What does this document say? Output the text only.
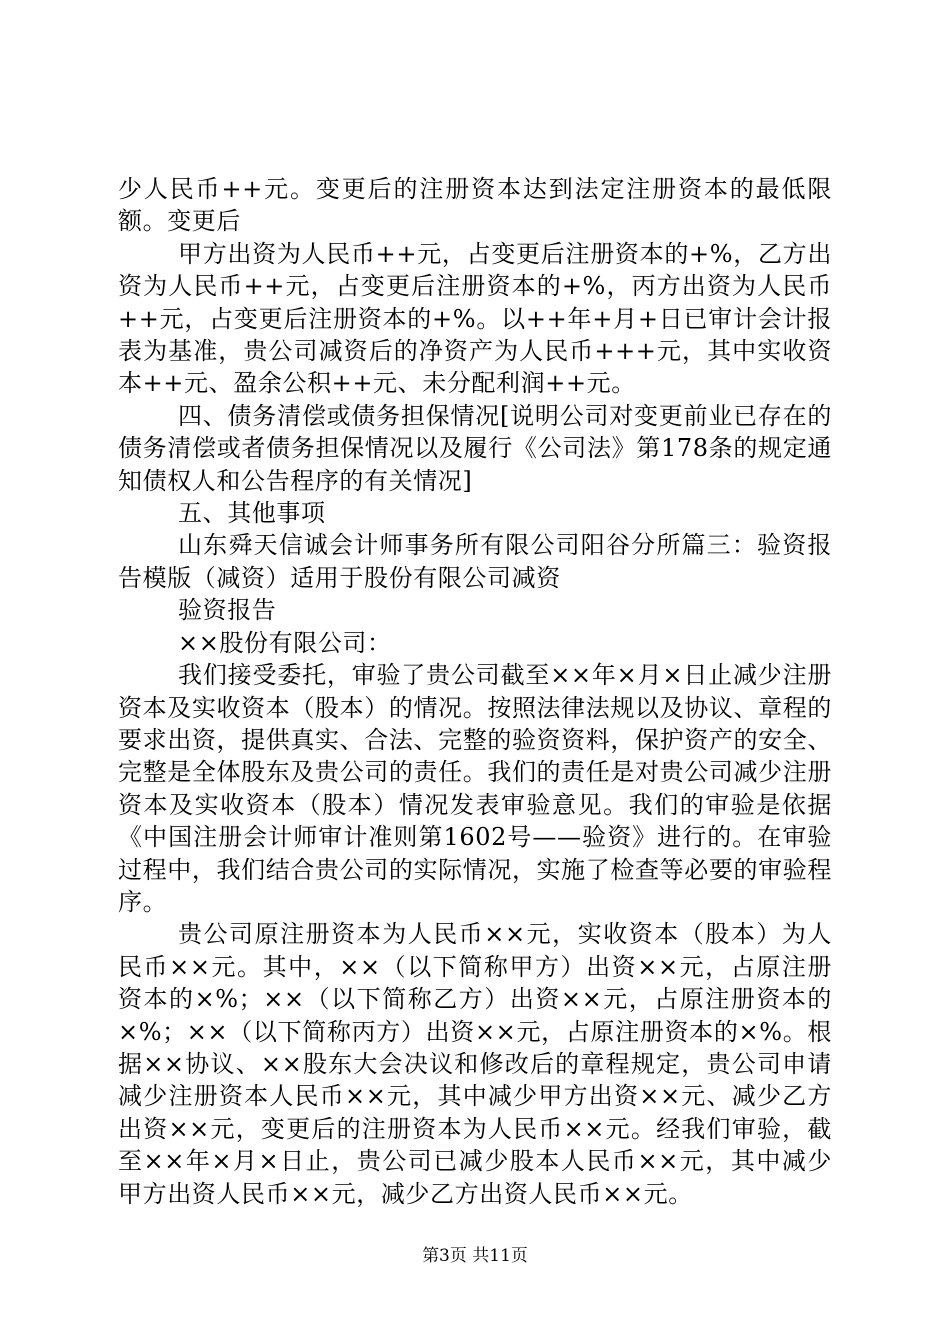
少人民币++元。变更后的注册资本达到法定注册资本的最低限额。变更后

甲方出资为人民币++元，占变更后注册资本的+%，乙方出资为人民币++元，占变更后注册资本的+%，丙方出资为人民币++元，占变更后注册资本的+%。以++年+月+日已审计会计报表为基准，贵公司减资后的净资产为人民币+++元，其中实收资本++元、盈余公积++元、未分配利润++元。

四、债务清偿或债务担保情况[说明公司对变更前业已存在的债务清偿或者债务担保情况以及履行《公司法》第178条的规定通知债权人和公告程序的有关情况]

五、其他事项

山东舜天信诚会计师事务所有限公司阳谷分所篇三：验资报告模版（减资）适用于股份有限公司减资

验资报告

××股份有限公司：

我们接受委托，审验了贵公司截至××年×月×日止减少注册资本及实收资本（股本）的情况。按照法律法规以及协议、章程的要求出资，提供真实、合法、完整的验资资料，保护资产的安全、完整是全体股东及贵公司的责任。我们的责任是对贵公司减少注册资本及实收资本（股本）情况发表审验意见。我们的审验是依据《中国注册会计师审计准则第1602号——验资》进行的。在审验过程中，我们结合贵公司的实际情况，实施了检查等必要的审验程序。

贵公司原注册资本为人民币××元，实收资本（股本）为人民币××元。其中，××（以下简称甲方）出资××元，占原注册资本的×%；××（以下简称乙方）出资××元，占原注册资本的×%；××（以下简称丙方）出资××元，占原注册资本的×%。根据××协议、××股东大会决议和修改后的章程规定，贵公司申请减少注册资本人民币××元，其中减少甲方出资××元、减少乙方出资××元，变更后的注册资本为人民币××元。经我们审验，截至××年×月×日止，贵公司已减少股本人民币××元，其中减少甲方出资人民币××元，减少乙方出资人民币××元。

第3页 共11页
